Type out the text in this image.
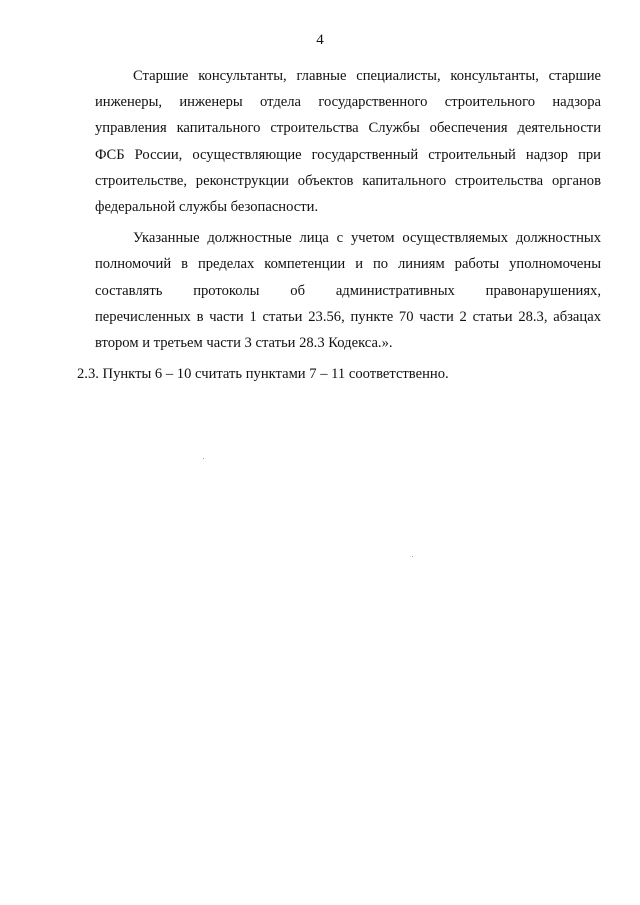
4

Старшие консультанты, главные специалисты, консультанты, старшие
инженеры, инженеры отдела государственного строительного надзора
управления капитального строительства Службы обеспечения деятельности
ФСБ России, осуществляющие государственный строительный надзор при
строительстве, реконструкции объектов капитального строительства органов
федеральной службы безопасности.

Указанные должностные лица с учетом осуществляемых должностных
полномочий в пределах компетенции и по линиям работы уполномочены
составлять протоколы об административных правонарушениях,
перечисленных в части 1 статьи 23.56, пункте 70 части 2 статьи 28.3, абзацах
втором и третьем части 3 статьи 28.3 Кодекса.».

2.3. Пункты 6 – 10 считать пунктами 7 – 11 соответственно.
